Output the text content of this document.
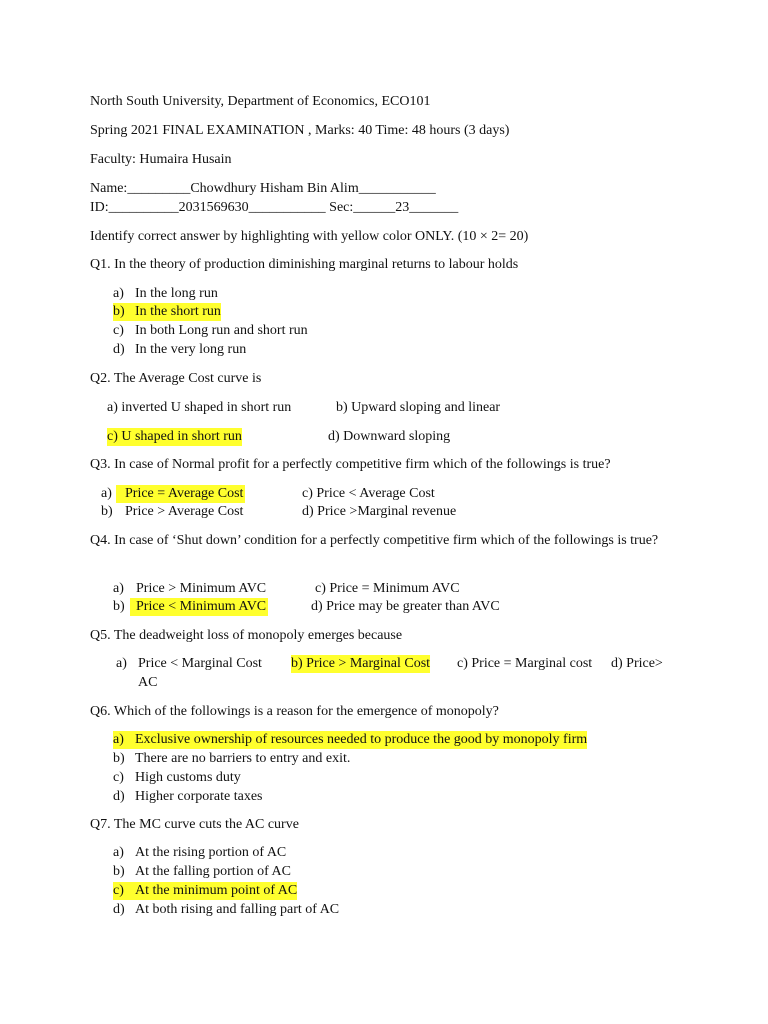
North South University, Department of Economics, ECO101
Spring 2021 FINAL EXAMINATION , Marks: 40 Time: 48 hours (3 days)
Faculty: Humaira Husain
Name:_________Chowdhury Hisham Bin Alim___________
ID:__________2031569630___________ Sec:______23_______
Identify correct answer by highlighting with yellow color ONLY. (10 × 2= 20)
Q1. In the theory of production diminishing marginal returns to labour holds
a) In the long run
b) In the short run
c) In both Long run and short run
d) In the very long run
Q2. The Average Cost curve is
a) inverted U shaped in short run	b) Upward sloping and linear
c) U shaped in short run	d) Downward sloping
Q3. In case of Normal profit for a perfectly competitive firm which of the followings is true?
a) Price = Average Cost	c) Price < Average Cost
b) Price > Average Cost	d) Price >Marginal revenue
Q4. In case of ‘Shut down’ condition for a perfectly competitive firm which of the followings is true?
a) Price > Minimum AVC	c) Price = Minimum AVC
b) Price < Minimum AVC	d) Price may be greater than AVC
Q5. The deadweight loss of monopoly emerges because
a) Price < Marginal Cost b) Price > Marginal Cost c) Price = Marginal cost d) Price>
AC
Q6. Which of the followings is a reason for the emergence of monopoly?
a) Exclusive ownership of resources needed to produce the good by monopoly firm
b) There are no barriers to entry and exit.
c) High customs duty
d) Higher corporate taxes
Q7. The MC curve cuts the AC curve
a) At the rising portion of AC
b) At the falling portion of AC
c) At the minimum point of AC
d) At both rising and falling part of AC
